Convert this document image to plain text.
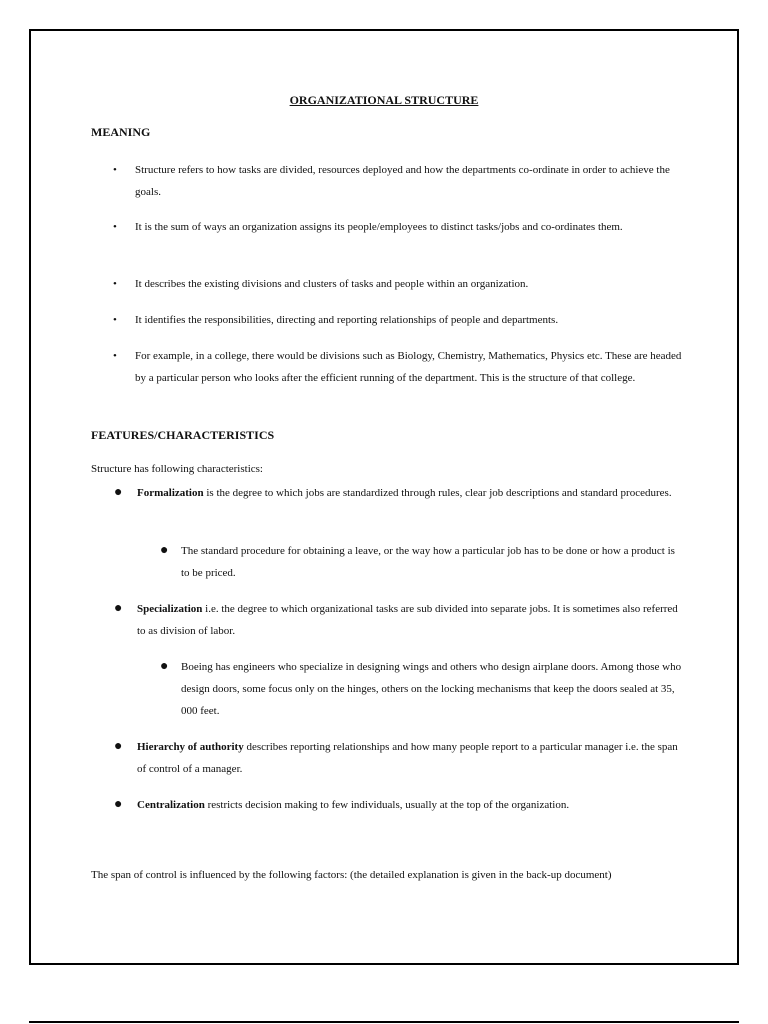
ORGANIZATIONAL STRUCTURE
MEANING
•	Structure refers to how tasks are divided, resources deployed and how the departments co-ordinate in order to achieve the goals.
•	It is the sum of ways an organization assigns its people/employees to distinct tasks/jobs and co-ordinates them.
•	It describes the existing divisions and clusters of tasks and people within an organization.
•	It identifies the responsibilities, directing and reporting relationships of people and departments.
•	For example, in a college, there would be divisions such as Biology, Chemistry, Mathematics, Physics etc. These are headed by a particular person who looks after the efficient running of the department. This is the structure of that college.
FEATURES/CHARACTERISTICS

Structure has following characteristics:

●	Formalization is the degree to which jobs are standardized through rules, clear job descriptions and standard procedures.
●	The standard procedure for obtaining a leave, or the way how a particular job has to be done or how a product is to be priced.
●	Specialization i.e. the degree to which organizational tasks are sub divided into separate jobs. It is sometimes also referred to as division of labor.
●	Boeing has engineers who specialize in designing wings and others who design airplane doors. Among those who design doors, some focus only on the hinges, others on the locking mechanisms that keep the doors sealed at 35, 000 feet.
●	Hierarchy of authority describes reporting relationships and how many people report to a particular manager i.e. the span of control of a manager.
●	Centralization restricts decision making to few individuals, usually at the top of the organization.

The span of control is influenced by the following factors: (the detailed explanation is given in the back-up document)
